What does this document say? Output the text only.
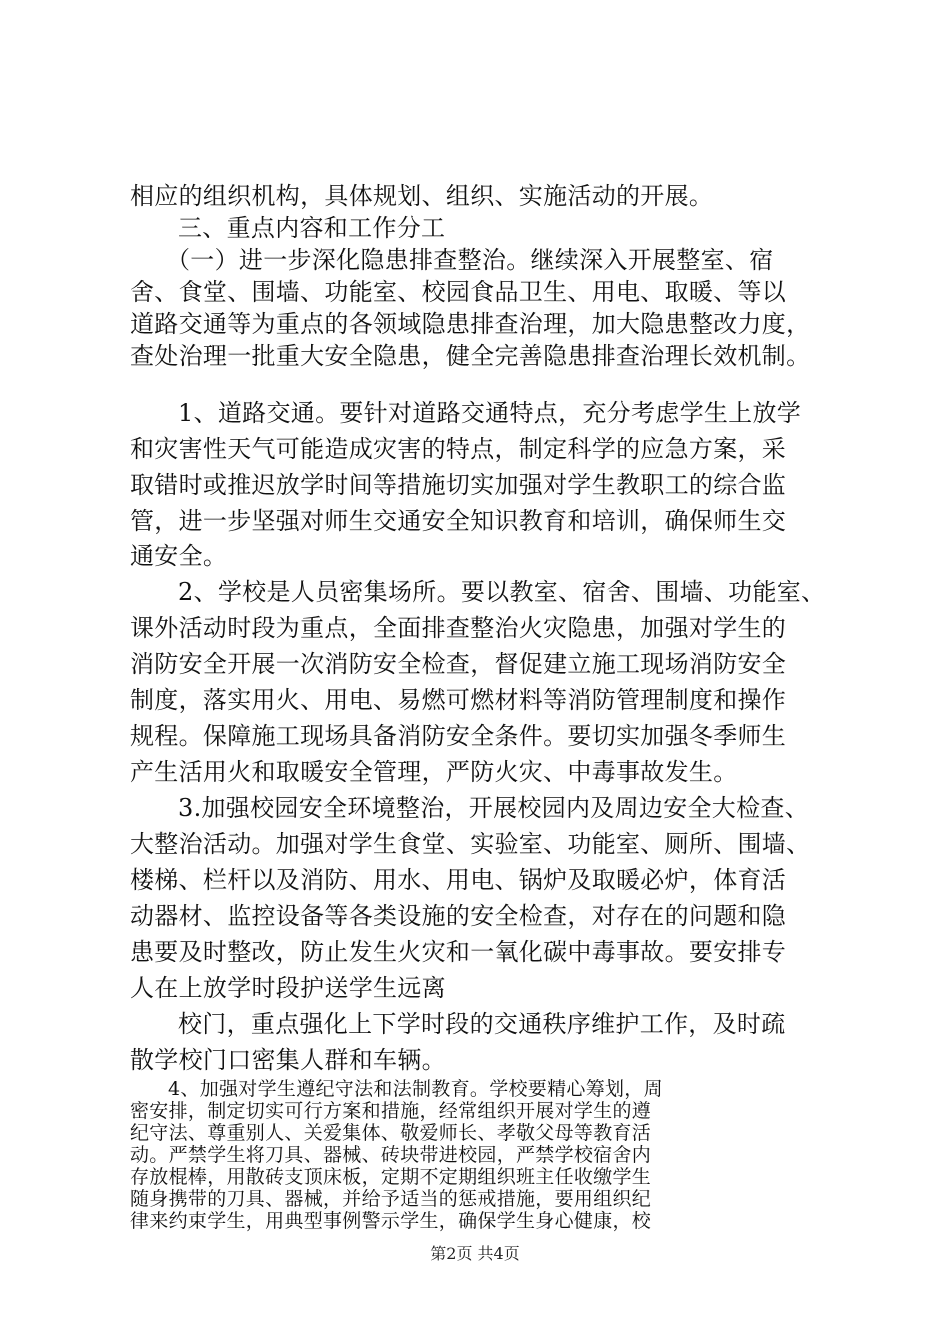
相应的组织机构，具体规划、组织、实施活动的开展。
三、重点内容和工作分工
（一）进一步深化隐患排查整治。继续深入开展整室、宿
舍、食堂、围墙、功能室、校园食品卫生、用电、取暖、等以
道路交通等为重点的各领域隐患排查治理，加大隐患整改力度，
查处治理一批重大安全隐患，健全完善隐患排查治理长效机制。
1、道路交通。要针对道路交通特点，充分考虑学生上放学
和灾害性天气可能造成灾害的特点，制定科学的应急方案，采
取错时或推迟放学时间等措施切实加强对学生教职工的综合监
管，进一步坚强对师生交通安全知识教育和培训，确保师生交
通安全。
2、学校是人员密集场所。要以教室、宿舍、围墙、功能室、
课外活动时段为重点，全面排查整治火灾隐患，加强对学生的
消防安全开展一次消防安全检查，督促建立施工现场消防安全
制度，落实用火、用电、易燃可燃材料等消防管理制度和操作
规程。保障施工现场具备消防安全条件。要切实加强冬季师生
产生活用火和取暖安全管理，严防火灾、中毒事故发生。
3.加强校园安全环境整治，开展校园内及周边安全大检查、
大整治活动。加强对学生食堂、实验室、功能室、厕所、围墙、
楼梯、栏杆以及消防、用水、用电、锅炉及取暖必炉，体育活
动器材、监控设备等各类设施的安全检查，对存在的问题和隐
患要及时整改，防止发生火灾和一氧化碳中毒事故。要安排专
人在上放学时段护送学生远离
校门，重点强化上下学时段的交通秩序维护工作，及时疏
散学校门口密集人群和车辆。
4、加强对学生遵纪守法和法制教育。学校要精心筹划，周
密安排，制定切实可行方案和措施，经常组织开展对学生的遵
纪守法、尊重别人、关爱集体、敬爱师长、孝敬父母等教育活
动。严禁学生将刀具、器械、砖块带进校园，严禁学校宿舍内
存放棍棒，用散砖支顶床板，定期不定期组织班主任收缴学生
随身携带的刀具、器械，并给予适当的惩戒措施，要用组织纪
律来约束学生，用典型事例警示学生，确保学生身心健康，校
第2页 共4页
